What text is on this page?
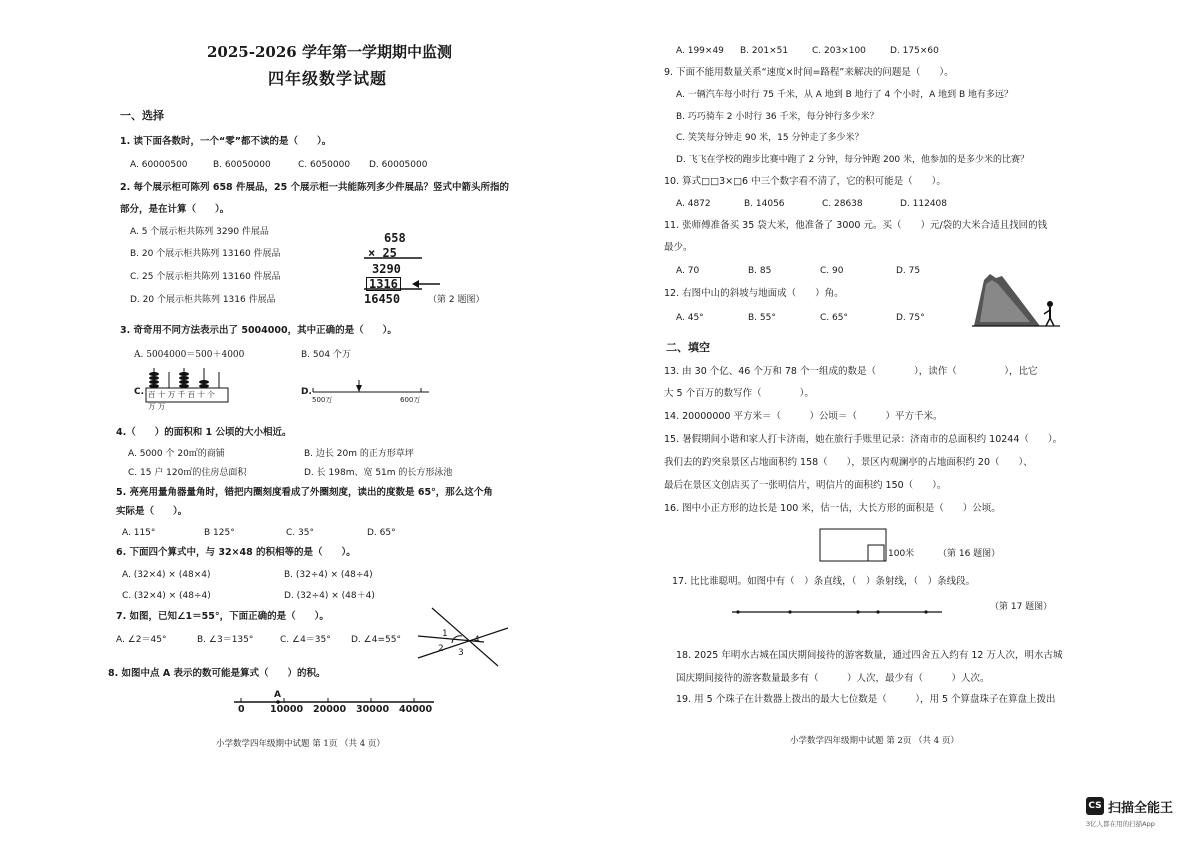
2025-2026 学年第一学期期中监测
四年级数学试题
一、选择
1. 读下面各数时，一个“零”都不读的是（　　）。
A. 60000500	B. 60050000	C. 6050000 D. 60005000
2. 每个展示柜可陈列 658 件展品，25 个展示柜一共能陈列多少件展品？竖式中箭头所指的
部分，是在计算（　　）。
A. 5 个展示柜共陈列 3290 件展品
B. 20 个展示柜共陈列 13160 件展品
C. 25 个展示柜共陈列 13160 件展品
D. 20 个展示柜共陈列 1316 件展品
658
× 25
3290
1316
16450	（第 2 题图）
3. 奇奇用不同方法表示出了 5004000，其中正确的是（　　）。
A. 5004000＝500＋4000	B. 504 个万
C. 百 十 万 千 百 十 个
万 万
D.
500万	600万
4.（　　）的面积和 1 公顷的大小相近。
A. 5000 个 20㎡的商铺	B. 边长 20m 的正方形草坪
C. 15 户 120㎡的住房总面积	D. 长 198m、宽 51m 的长方形泳池
5. 亮亮用量角器量角时，错把内圈刻度看成了外圈刻度，读出的度数是 65°，那么这个角
实际是（　　）。
A. 115°	B 125°	C. 35°	D. 65°
6. 下面四个算式中，与 32×48 的积相等的是（　　）。
A. (32×4) × (48×4)	B. (32÷4) × (48÷4)
C. (32×4) × (48÷4)	D. (32÷4) × (48＋4)
7. 如图，已知∠1＝55°，下面正确的是（　　）。
A. ∠2＝45°	B. ∠3＝135°	C. ∠4＝35° D. ∠4=55°
1
4
2 3
8. 如图中点 A 表示的数可能是算式（　　）的积。
A
0	10000 20000 30000 40000
小学数学四年级期中试题 第 1页 （共 4 页）
A. 199×49 B. 201×51	C. 203×100	D. 175×60
9. 下面不能用数量关系“速度×时间=路程”来解决的问题是（　　）。
A. 一辆汽车每小时行 75 千米，从 A 地到 B 地行了 4 个小时，A 地到 B 地有多远？
B. 巧巧骑车 2 小时行 36 千米，每分钟行多少米？
C. 笑笑每分钟走 90 米，15 分钟走了多少米？
D. 飞飞在学校的跑步比赛中跑了 2 分钟，每分钟跑 200 米，他参加的是多少米的比赛？
10. 算式□□3×□6 中三个数字看不清了，它的积可能是（　　）。
A. 4872	B. 14056	C. 28638	D. 112408
11. 张师傅准备买 35 袋大米，他准备了 3000 元。买（　　）元/袋的大米合适且找回的钱
最少。
A. 70	B. 85	C. 90	D. 75
12. 右图中山的斜坡与地面成（　　）角。
A. 45°	B. 55°	C. 65°	D. 75°
二、填空
13. 由 30 个亿、46 个万和 78 个一组成的数是（　　　　），读作（　　　　　），比它
大 5 个百万的数写作（　　　　）。
14. 20000000 平方米＝（　　　）公顷＝（　　　）平方千米。
15. 暑假期间小谐和家人打卡济南，她在旅行手账里记录：济南市的总面积约 10244（　　）。
我们去的趵突泉景区占地面积约 158（　　），景区内观澜亭的占地面积约 20（　　）、
最后在景区文创店买了一张明信片，明信片的面积约 150（　　）。
16. 图中小正方形的边长是 100 米，估一估，大长方形的面积是（　　）公顷。
100米	（第 16 题图）
17. 比比谁聪明。如图中有（　）条直线，（　）条射线，（　）条线段。
（第 17 题图）
18. 2025 年明水古城在国庆期间接待的游客数量，通过四舍五入约有 12 万人次，明水古城
国庆期间接待的游客数量最多有（　　　）人次，最少有（　　　）人次。
19. 用 5 个珠子在计数器上拨出的最大七位数是（　　　），用 5 个算盘珠子在算盘上拨出
小学数学四年级期中试题 第 2页 （共 4 页）
CS 扫描全能王
3亿人都在用的扫描App
